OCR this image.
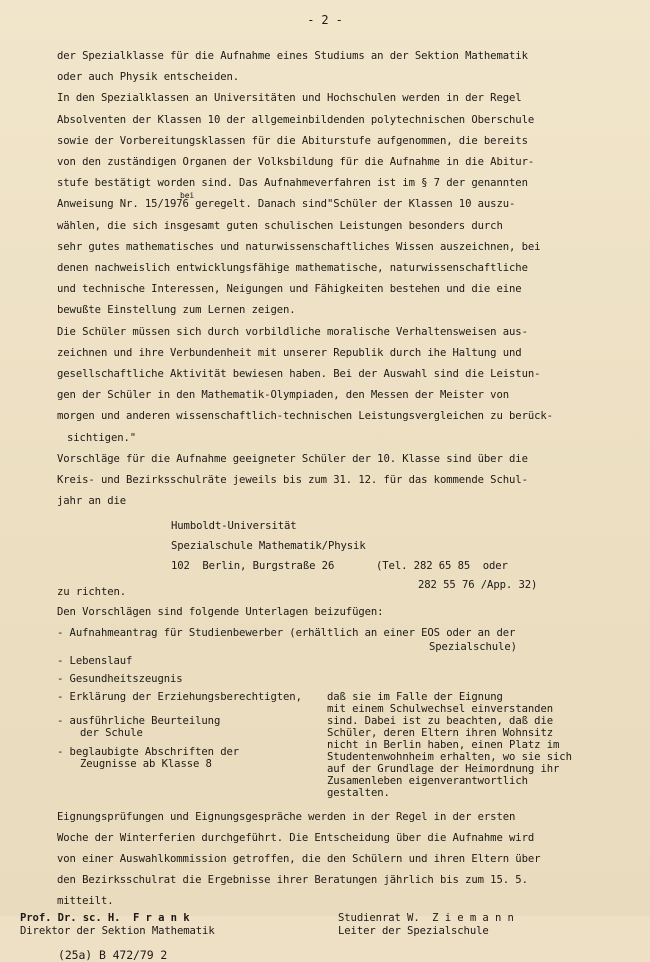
- 2 -
der Spezialklasse für die Aufnahme eines Studiums an der Sektion Mathematik
oder auch Physik entscheiden.
In den Spezialklassen an Universitäten und Hochschulen werden in der Regel
Absolventen der Klassen 10 der allgemeinbildenden polytechnischen Oberschule
sowie der Vorbereitungsklassen für die Abiturstufe aufgenommen, die bereits
von den zuständigen Organen der Volksbildung für die Aufnahme in die Abitur-
stufe bestätigt worden sind. Das Aufnahmeverfahren ist im § 7 der genannten
Anweisung Nr. 15/1976 geregelt. Danach sind"Schüler der Klassen 10 auszu-
bei
wählen, die sich insgesamt guten schulischen Leistungen besonders durch
sehr gutes mathematisches und naturwissenschaftliches Wissen auszeichnen, bei
denen nachweislich entwicklungsfähige mathematische, naturwissenschaftliche
und technische Interessen, Neigungen und Fähigkeiten bestehen und die eine
bewußte Einstellung zum Lernen zeigen.
Die Schüler müssen sich durch vorbildliche moralische Verhaltensweisen aus-
zeichnen und ihre Verbundenheit mit unserer Republik durch ihe Haltung und
gesellschaftliche Aktivität bewiesen haben. Bei der Auswahl sind die Leistun-
gen der Schüler in den Mathematik-Olympiaden, den Messen der Meister von
morgen und anderen wissenschaftlich-technischen Leistungsvergleichen zu berück-
sichtigen."
Vorschläge für die Aufnahme geeigneter Schüler der 10. Klasse sind über die
Kreis- und Bezirksschulräte jeweils bis zum 31. 12. für das kommende Schul-
jahr an die
Humboldt-Universität
Spezialschule Mathematik/Physik
102  Berlin, Burgstraße 26	(Tel. 282 65 85  oder
282 55 76 /App. 32)
zu richten.
Den Vorschlägen sind folgende Unterlagen beizufügen:
- Aufnahmeantrag für Studienbewerber (erhältlich an einer EOS oder an der
Spezialschule)
- Lebenslauf
- Gesundheitszeugnis
- Erklärung der Erziehungsberechtigten,
- ausführliche Beurteilung
der Schule
- beglaubigte Abschriften der
Zeugnisse ab Klasse 8
daß sie im Falle der Eignung
mit einem Schulwechsel einverstanden
sind. Dabei ist zu beachten, daß die
Schüler, deren Eltern ihren Wohnsitz
nicht in Berlin haben, einen Platz im
Studentenwohnheim erhalten, wo sie sich
auf der Grundlage der Heimordnung ihr
Zusamenleben eigenverantwortlich
gestalten.
Eignungsprüfungen und Eignungsgespräche werden in der Regel in der ersten
Woche der Winterferien durchgeführt. Die Entscheidung über die Aufnahme wird
von einer Auswahlkommission getroffen, die den Schülern und ihren Eltern über
den Bezirksschulrat die Ergebnisse ihrer Beratungen jährlich bis zum 15. 5.
mitteilt.
Prof. Dr. sc. H.  F r a n k
Direktor der Sektion Mathematik
Studienrat W.  Z i e m a n n
Leiter der Spezialschule
(25a) B 472/79 2
